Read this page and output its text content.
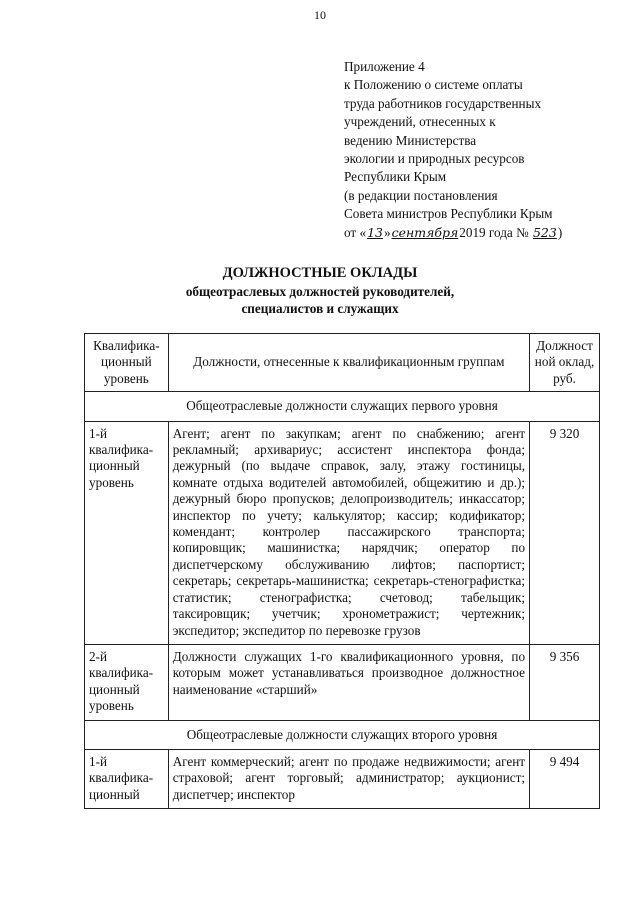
10
Приложение 4
к Положению о системе оплаты
труда работников государственных
учреждений, отнесенных к
ведению Министерства
экологии и природных ресурсов
Республики Крым
(в редакции постановления
Совета министров Республики Крым
от «13»сентября2019 года № 523)
ДОЛЖНОСТНЫЕ ОКЛАДЫ
общеотраслевых должностей руководителей,
специалистов и служащих
Квалифика-ционный уровень	Должности, отнесенные к квалификационным группам	Должност ной оклад, руб.
Общеотраслевые должности служащих первого уровня		
1-й квалифика-ционный уровень	Агент; агент по закупкам; агент по снабжению; агент рекламный; архивариус; ассистент инспектора фонда; дежурный (по выдаче справок, залу, этажу гостиницы, комнате отдыха водителей автомобилей, общежитию и др.); дежурный бюро пропусков; делопроизводитель; инкассатор; инспектор по учету; калькулятор; кассир; кодификатор; комендант; контролер пассажирского транспорта; копировщик; машинистка; нарядчик; оператор по диспетчерскому обслуживанию лифтов; паспортист; секретарь; секретарь-машинистка; секретарь-стенографистка; статистик; стенографистка; счетовод; табельщик; таксировщик; учетчик; хронометражист; чертежник; экспедитор; экспедитор по перевозке грузов	9 320
2-й квалифика-ционный уровень	Должности служащих 1-го квалификационного уровня, по которым может устанавливаться производное должностное наименование «старший»	9 356
Общеотраслевые должности служащих второго уровня		
1-й квалифика-ционный	Агент коммерческий; агент по продаже недвижимости; агент страховой; агент торговый; администратор; аукционист; диспетчер; инспектор	9 494
